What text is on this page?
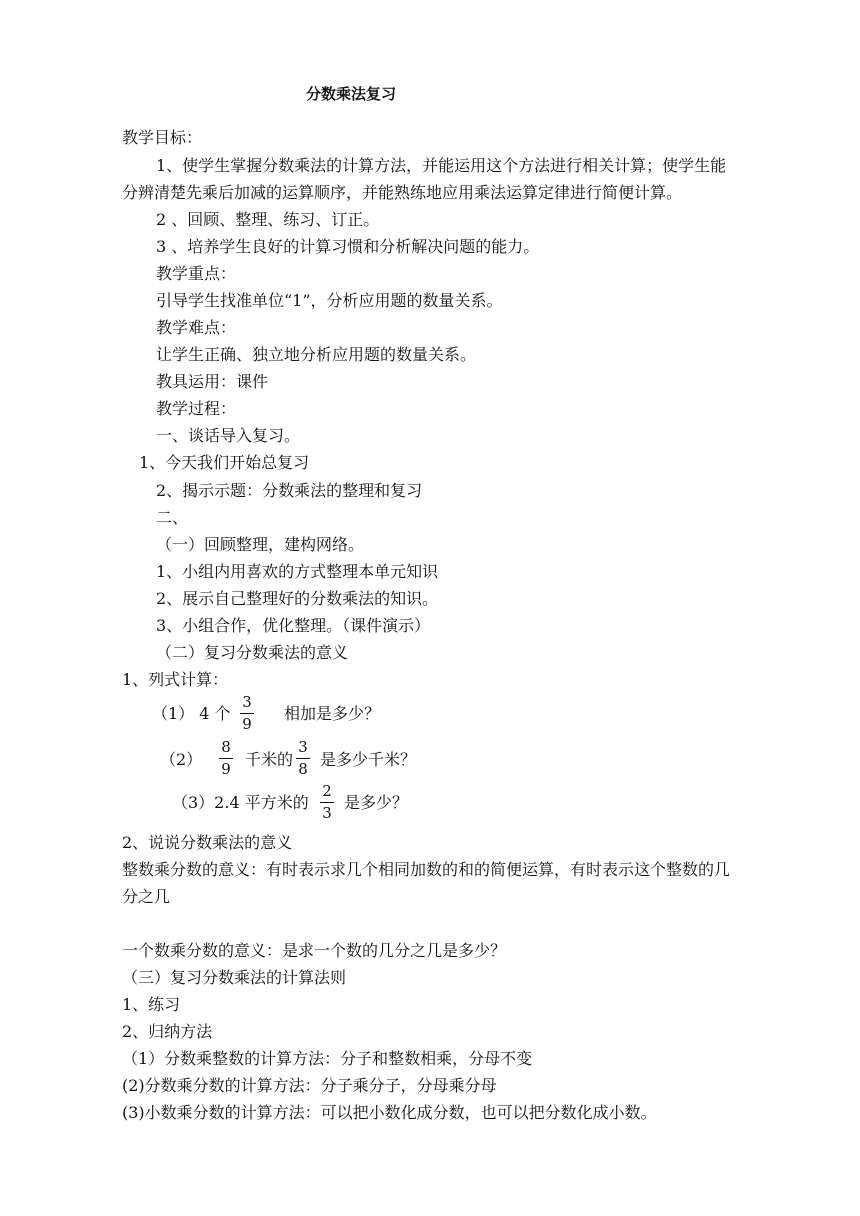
分数乘法复习
教学目标：
1、使学生掌握分数乘法的计算方法，并能运用这个方法进行相关计算；使学生能
分辨清楚先乘后加减的运算顺序，并能熟练地应用乘法运算定律进行简便计算。
2 、回顾、整理、练习、订正。
3 、培养学生良好的计算习惯和分析解决问题的能力。
教学重点：
引导学生找准单位“1”，分析应用题的数量关系。
教学难点：
让学生正确、独立地分析应用题的数量关系。
教具运用：课件
教学过程：
一、谈话导入复习。
1、今天我们开始总复习
2、揭示示题：分数乘法的整理和复习
二、
（一）回顾整理，建构网络。
1、小组内用喜欢的方式整理本单元知识
2、展示自己整理好的分数乘法的知识。
3、小组合作，优化整理。（课件演示）
（二）复习分数乘法的意义
1、列式计算：
（1） 4 个
3
9
相加是多少？
（2）
8
9 千米的
3
8 是多少千米？
（3）2.4 平方米的
2
3
是多少？
2、说说分数乘法的意义
整数乘分数的意义：有时表示求几个相同加数的和的简便运算，有时表示这个整数的几
分之几
一个数乘分数的意义：是求一个数的几分之几是多少？
（三）复习分数乘法的计算法则
1、练习
2、归纳方法
（1）分数乘整数的计算方法：分子和整数相乘，分母不变
(2)分数乘分数的计算方法：分子乘分子，分母乘分母
(3)小数乘分数的计算方法：可以把小数化成分数，也可以把分数化成小数。
